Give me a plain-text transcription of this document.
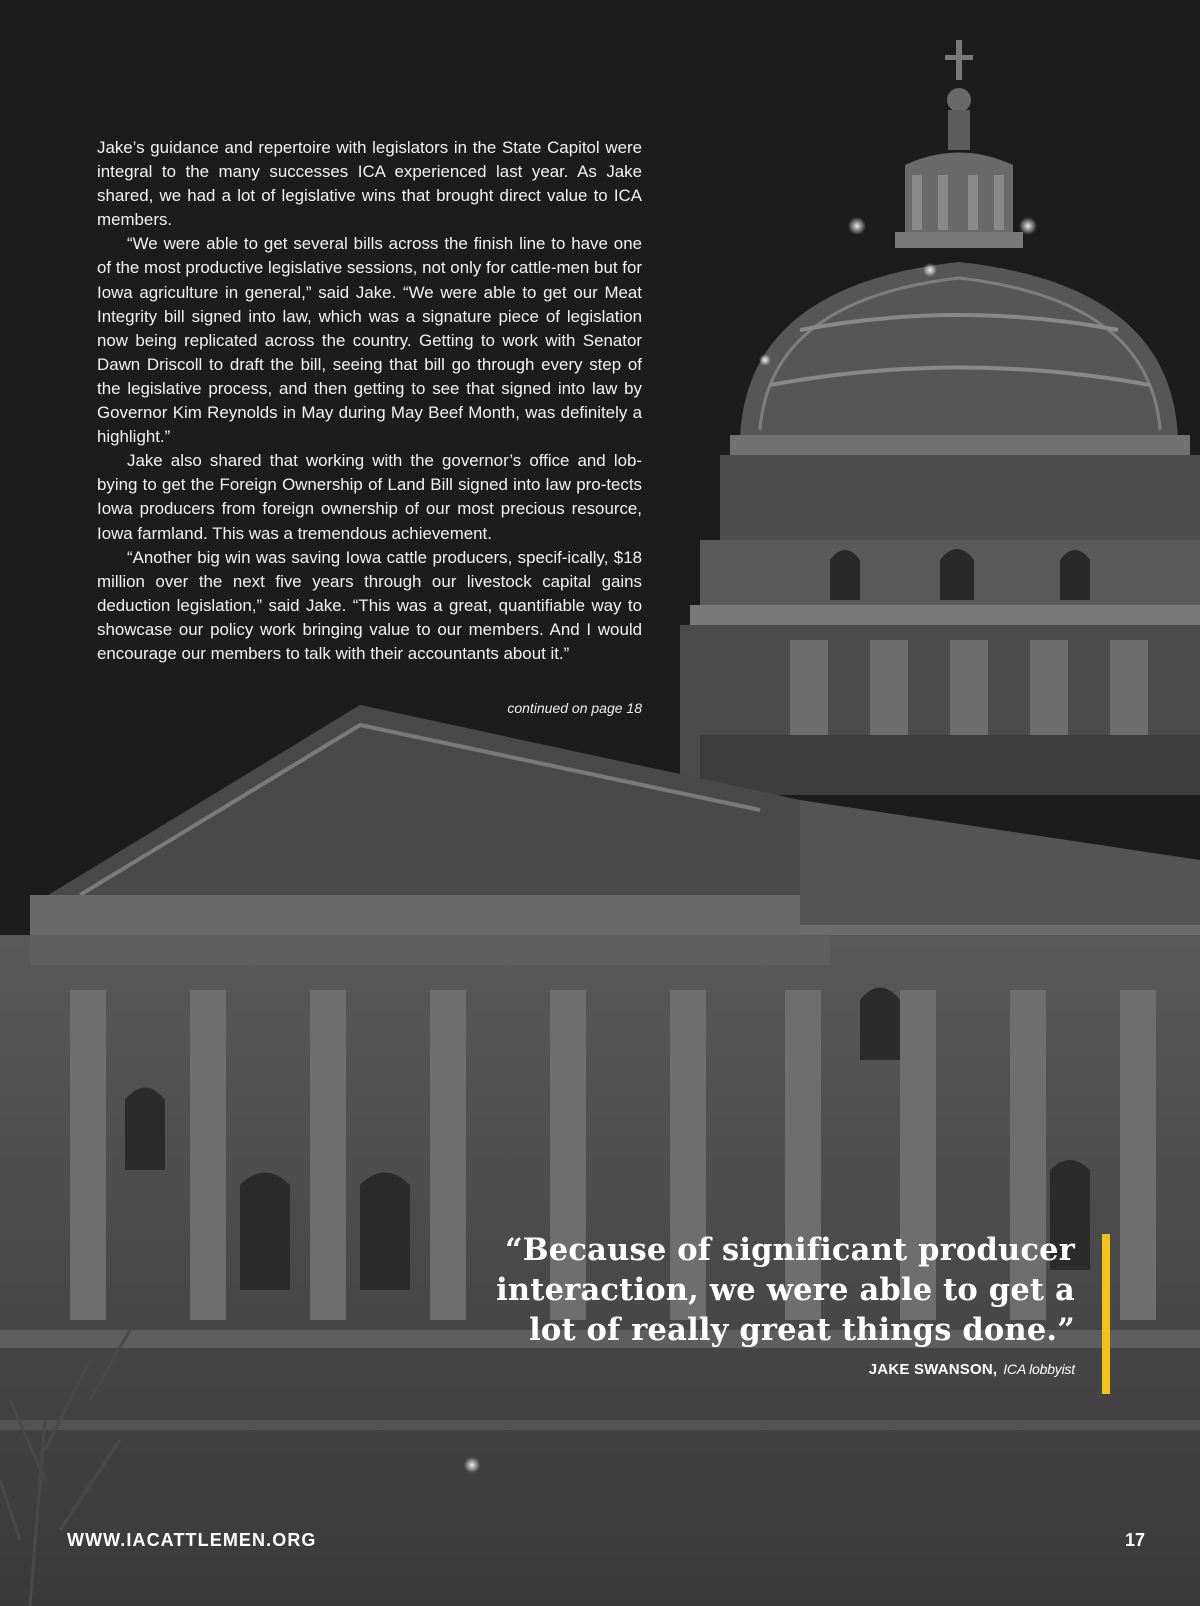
Jake’s guidance and repertoire with legislators in the State Capitol were integral to the many successes ICA experienced last year. As Jake shared, we had a lot of legislative wins that brought direct value to ICA members.

“We were able to get several bills across the finish line to have one of the most productive legislative sessions, not only for cattle-men but for Iowa agriculture in general,” said Jake. “We were able to get our Meat Integrity bill signed into law, which was a signature piece of legislation now being replicated across the country. Getting to work with Senator Dawn Driscoll to draft the bill, seeing that bill go through every step of the legislative process, and then getting to see that signed into law by Governor Kim Reynolds in May during May Beef Month, was definitely a highlight.”

Jake also shared that working with the governor’s office and lob-bying to get the Foreign Ownership of Land Bill signed into law pro-tects Iowa producers from foreign ownership of our most precious resource, Iowa farmland. This was a tremendous achievement.

“Another big win was saving Iowa cattle producers, specif-ically, $18 million over the next five years through our livestock capital gains deduction legislation,” said Jake. “This was a great, quantifiable way to showcase our policy work bringing value to our members. And I would encourage our members to talk with their accountants about it.”

continued on page 18

“Because of significant producer
interaction, we were able to get a
lot of really great things done.”

JAKE SWANSON, ICA lobbyist

WWW.IACATTLEMEN.ORG	17
